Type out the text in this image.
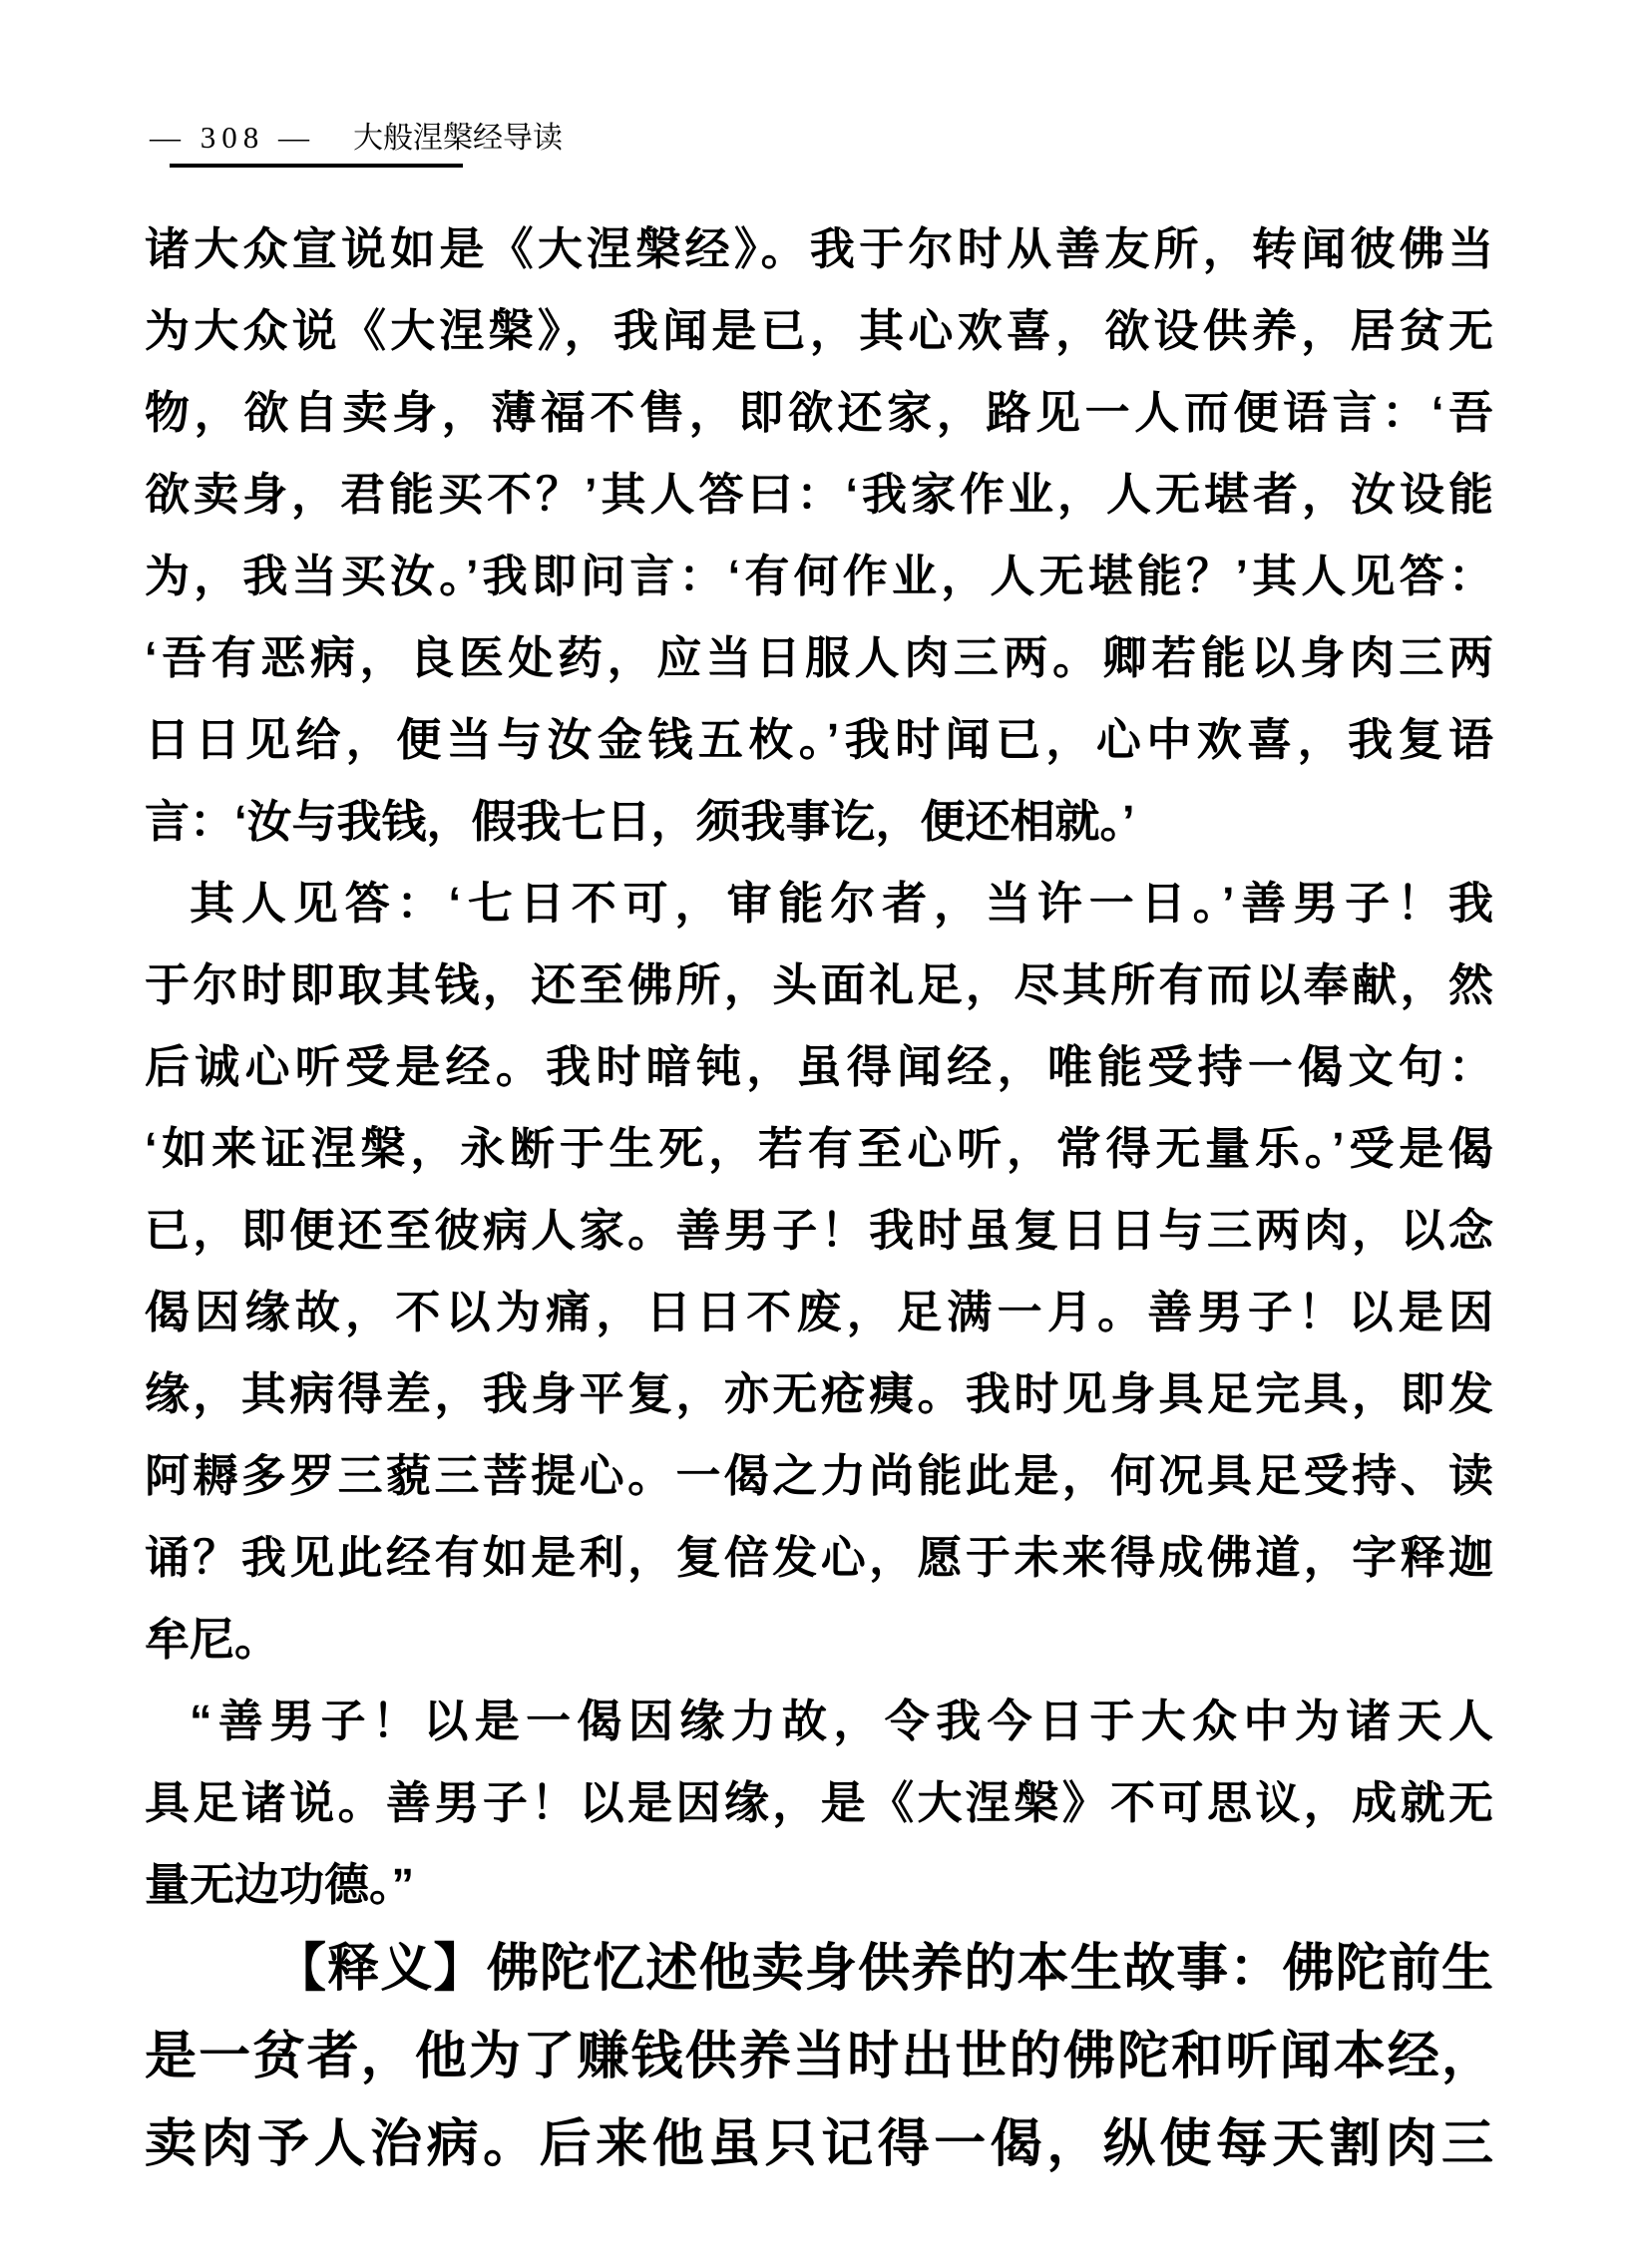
— 308 — 大般涅槃经导读
诸大众宣说如是《大涅槃经》。我于尔时从善友所，转闻彼佛当
为大众说《大涅槃》，我闻是已，其心欢喜，欲设供养，居贫无
物，欲自卖身，薄福不售，即欲还家，路见一人而便语言：‘吾
欲卖身，君能买不？’其人答曰：‘我家作业，人无堪者，汝设能
为，我当买汝。’我即问言：‘有何作业，人无堪能？’其人见答：
‘吾有恶病，良医处药，应当日服人肉三两。卿若能以身肉三两
日日见给，便当与汝金钱五枚。’我时闻已，心中欢喜，我复语
言：‘汝与我钱，假我七日，须我事讫，便还相就。’
其人见答：‘七日不可，审能尔者，当许一日。’善男子！我
于尔时即取其钱，还至佛所，头面礼足，尽其所有而以奉献，然
后诚心听受是经。我时暗钝，虽得闻经，唯能受持一偈文句：
‘如来证涅槃，永断于生死，若有至心听，常得无量乐。’受是偈
已，即便还至彼病人家。善男子！我时虽复日日与三两肉，以念
偈因缘故，不以为痛，日日不废，足满一月。善男子！以是因
缘，其病得差，我身平复，亦无疮痍。我时见身具足完具，即发
阿耨多罗三藐三菩提心。一偈之力尚能此是，何况具足受持、读
诵？我见此经有如是利，复倍发心，愿于未来得成佛道，字释迦
牟尼。
“善男子！以是一偈因缘力故，令我今日于大众中为诸天人
具足诸说。善男子！以是因缘，是《大涅槃》不可思议，成就无
量无边功德。”
【释义】佛陀忆述他卖身供养的本生故事：佛陀前生
是一贫者，他为了赚钱供养当时出世的佛陀和听闻本经，
卖肉予人治病。后来他虽只记得一偈，纵使每天割肉三
